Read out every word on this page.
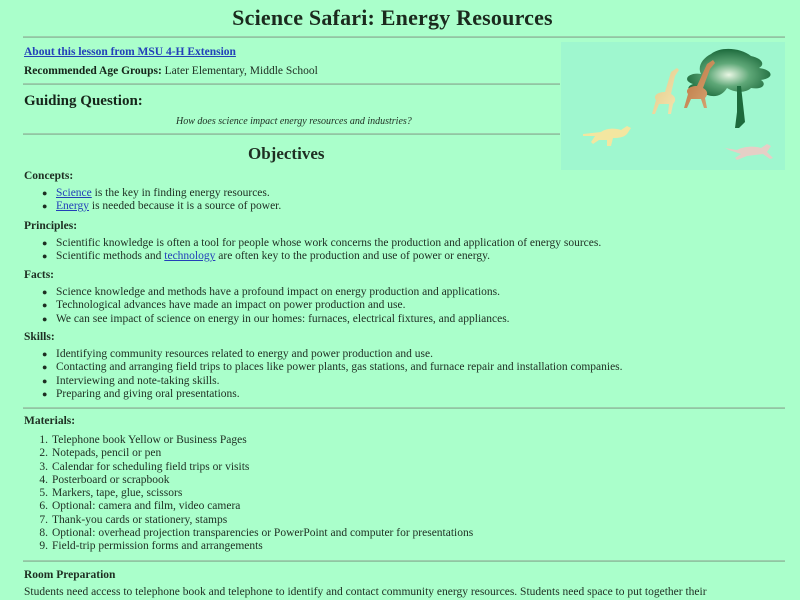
Science Safari: Energy Resources
About this lesson from MSU 4-H Extension
Recommended Age Groups: Later Elementary, Middle School
Guiding Question:
How does science impact energy resources and industries?
Objectives
Concepts:
● Science is the key in finding energy resources.
● Energy is needed because it is a source of power.
Principles:
● Scientific knowledge is often a tool for people whose work concerns the production and application of energy sources.
● Scientific methods and technology are often key to the production and use of power or energy.
Facts:
● Science knowledge and methods have a profound impact on energy production and applications.
● Technological advances have made an impact on power production and use.
● We can see impact of science on energy in our homes: furnaces, electrical fixtures, and appliances.
Skills:
● Identifying community resources related to energy and power production and use.
● Contacting and arranging field trips to places like power plants, gas stations, and furnace repair and installation companies.
● Interviewing and note-taking skills.
● Preparing and giving oral presentations.
Materials:
1. Telephone book Yellow or Business Pages
2. Notepads, pencil or pen
3. Calendar for scheduling field trips or visits
4. Posterboard or scrapbook
5. Markers, tape, glue, scissors
6. Optional: camera and film, video camera
7. Thank-you cards or stationery, stamps
8. Optional: overhead projection transparencies or PowerPoint and computer for presentations
9. Field-trip permission forms and arrangements
Room Preparation
Students need access to telephone book and telephone to identify and contact community energy resources. Students need space to put together their
